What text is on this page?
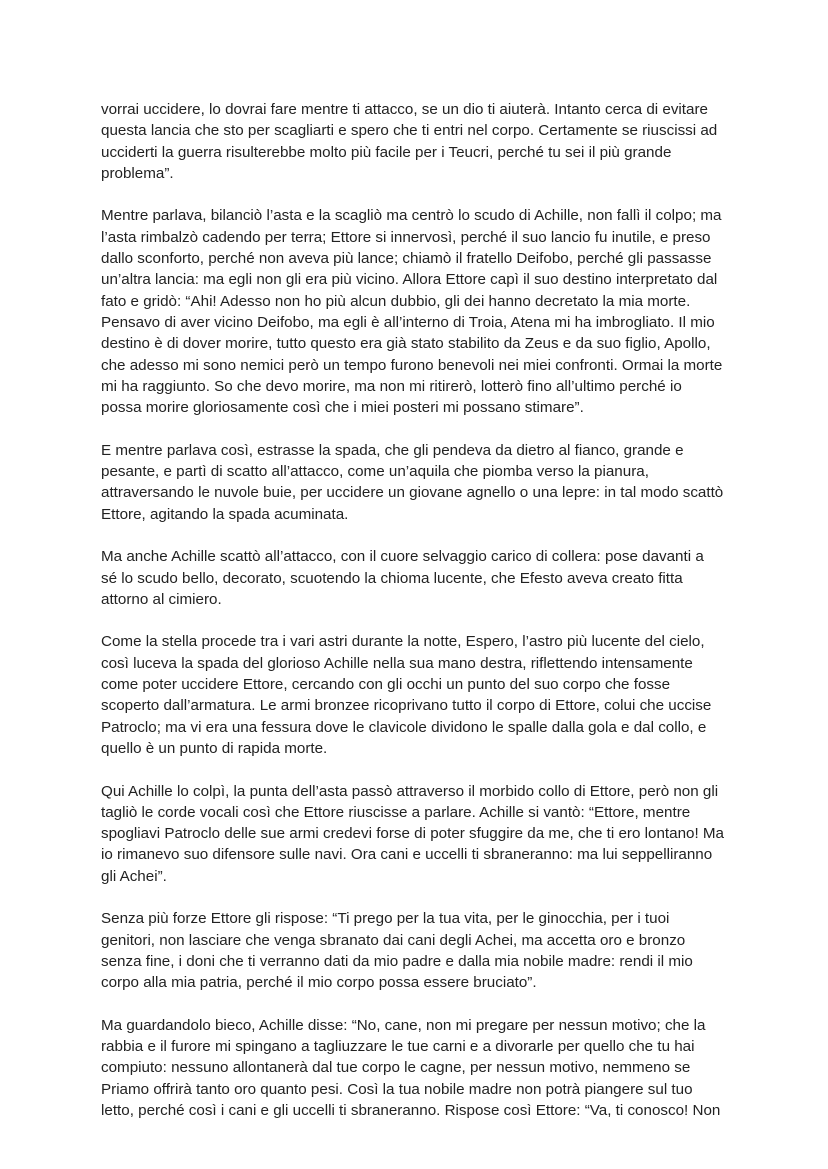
vorrai uccidere, lo dovrai fare mentre ti attacco, se un dio ti aiuterà. Intanto cerca di evitare
questa lancia che sto per scagliarti e spero che ti entri nel corpo. Certamente se riuscissi ad
ucciderti la guerra risulterebbe molto più facile per i Teucri, perché tu sei il più grande
problema”.
Mentre parlava, bilanciò l’asta e la scagliò ma centrò lo scudo di Achille, non fallì il colpo; ma
l’asta rimbalzò cadendo per terra; Ettore si innervosì, perché il suo lancio fu inutile, e preso
dallo sconforto, perché non aveva più lance; chiamò il fratello Deifobo, perché gli passasse
un’altra lancia: ma egli non gli era più vicino. Allora Ettore capì il suo destino interpretato dal
fato e gridò: “Ahi! Adesso non ho più alcun dubbio, gli dei hanno decretato la mia morte.
Pensavo di aver vicino Deifobo, ma egli è all’interno di Troia, Atena mi ha imbrogliato. Il mio
destino è di dover morire, tutto questo era già stato stabilito da Zeus e da suo figlio, Apollo,
che adesso mi sono nemici però un tempo furono benevoli nei miei confronti. Ormai la morte
mi ha raggiunto. So che devo morire, ma non mi ritirerò, lotterò fino all’ultimo perché io
possa morire gloriosamente così che i miei posteri mi possano stimare”.
E mentre parlava così, estrasse la spada, che gli pendeva da dietro al fianco, grande e
pesante, e partì di scatto all’attacco, come un’aquila che piomba verso la pianura,
attraversando le nuvole buie, per uccidere un giovane agnello o una lepre: in tal modo scattò
Ettore, agitando la spada acuminata.
Ma anche Achille scattò all’attacco, con il cuore selvaggio carico di collera: pose davanti a
sé lo scudo bello, decorato, scuotendo la chioma lucente, che Efesto aveva creato fitta
attorno al cimiero.
Come la stella procede tra i vari astri durante la notte, Espero, l’astro più lucente del cielo,
così luceva la spada del glorioso Achille nella sua mano destra, riflettendo intensamente
come poter uccidere Ettore, cercando con gli occhi un punto del suo corpo che fosse
scoperto dall’armatura. Le armi bronzee ricoprivano tutto il corpo di Ettore, colui che uccise
Patroclo; ma vi era una fessura dove le clavicole dividono le spalle dalla gola e dal collo, e
quello è un punto di rapida morte.
Qui Achille lo colpì, la punta dell’asta passò attraverso il morbido collo di Ettore, però non gli
tagliò le corde vocali così che Ettore riuscisse a parlare. Achille si vantò: “Ettore, mentre
spogliavi Patroclo delle sue armi credevi forse di poter sfuggire da me, che ti ero lontano! Ma
io rimanevo suo difensore sulle navi. Ora cani e uccelli ti sbraneranno: ma lui seppelliranno
gli Achei”.
Senza più forze Ettore gli rispose: “Ti prego per la tua vita, per le ginocchia, per i tuoi
genitori, non lasciare che venga sbranato dai cani degli Achei, ma accetta oro e bronzo
senza fine, i doni che ti verranno dati da mio padre e dalla mia nobile madre: rendi il mio
corpo alla mia patria, perché il mio corpo possa essere bruciato”.
Ma guardandolo bieco, Achille disse: “No, cane, non mi pregare per nessun motivo; che la
rabbia e il furore mi spingano a tagliuzzare le tue carni e a divorarle per quello che tu hai
compiuto: nessuno allontanerà dal tue corpo le cagne, per nessun motivo, nemmeno se
Priamo offrirà tanto oro quanto pesi. Così la tua nobile madre non potrà piangere sul tuo
letto, perché così i cani e gli uccelli ti sbraneranno. Rispose così Ettore: “Va, ti conosco! Non
